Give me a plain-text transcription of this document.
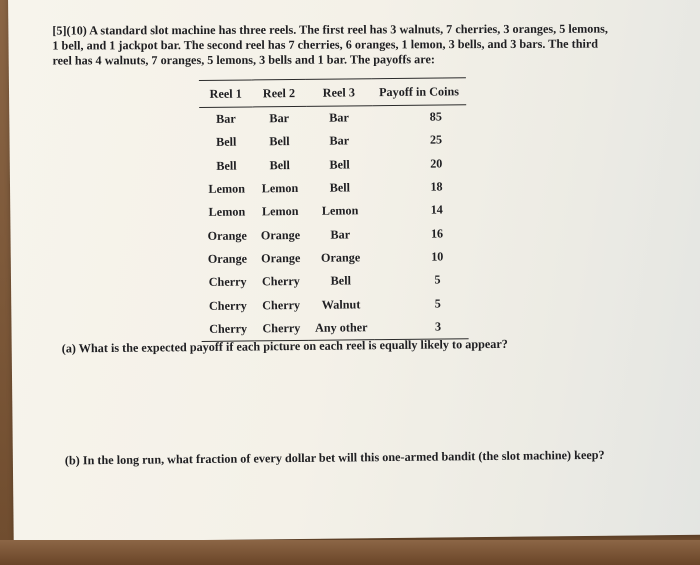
[5](10) A standard slot machine has three reels. The first reel has 3 walnuts, 7 cherries, 3 oranges, 5 lemons, 1 bell, and 1 jackpot bar. The second reel has 7 cherries, 6 oranges, 1 lemon, 3 bells, and 3 bars. The third reel has 4 walnuts, 7 oranges, 5 lemons, 3 bells and 1 bar. The payoffs are:

Reel 1	Reel 2	Reel 3	Payoff in Coins
Bar	Bar	Bar	85
Bell	Bell	Bar	25
Bell	Bell	Bell	20
Lemon	Lemon	Bell	18
Lemon	Lemon	Lemon	14
Orange	Orange	Bar	16
Orange	Orange	Orange	10
Cherry	Cherry	Bell	5
Cherry	Cherry	Walnut	5
Cherry	Cherry	Any other	3

(a) What is the expected payoff if each picture on each reel is equally likely to appear?

(b) In the long run, what fraction of every dollar bet will this one-armed bandit (the slot machine) keep?
